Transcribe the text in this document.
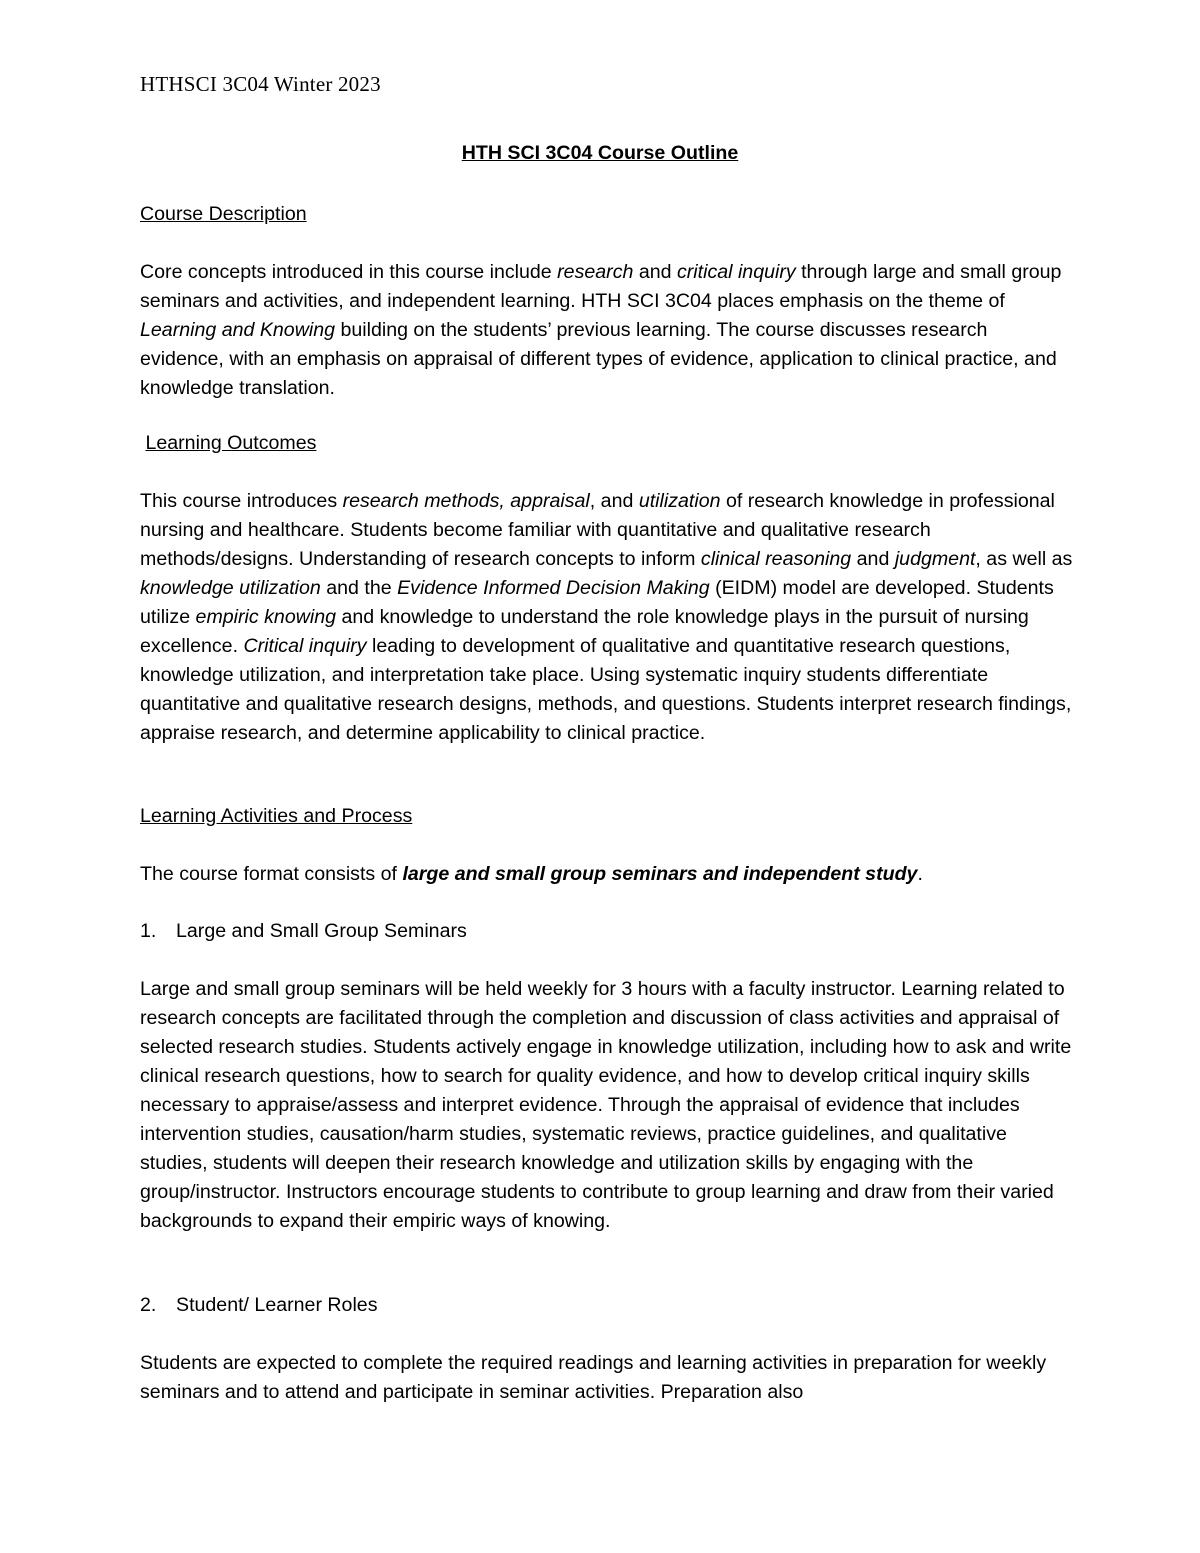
HTHSCI 3C04 Winter 2023
HTH SCI 3C04 Course Outline

Course Description

Core concepts introduced in this course include research and critical inquiry through large and small group seminars and activities, and independent learning. HTH SCI 3C04 places emphasis on the theme of Learning and Knowing building on the students’ previous learning. The course discusses research evidence, with an emphasis on appraisal of different types of evidence, application to clinical practice, and knowledge translation.

Learning Outcomes

This course introduces research methods, appraisal, and utilization of research knowledge in professional nursing and healthcare. Students become familiar with quantitative and qualitative research methods/designs. Understanding of research concepts to inform clinical reasoning and judgment, as well as knowledge utilization and the Evidence Informed Decision Making (EIDM) model are developed. Students utilize empiric knowing and knowledge to understand the role knowledge plays in the pursuit of nursing excellence. Critical inquiry leading to development of qualitative and quantitative research questions, knowledge utilization, and interpretation take place. Using systematic inquiry students differentiate quantitative and qualitative research designs, methods, and questions. Students interpret research findings, appraise research, and determine applicability to clinical practice.

Learning Activities and Process

The course format consists of large and small group seminars and independent study.

1.	Large and Small Group Seminars

Large and small group seminars will be held weekly for 3 hours with a faculty instructor. Learning related to research concepts are facilitated through the completion and discussion of class activities and appraisal of selected research studies. Students actively engage in knowledge utilization, including how to ask and write clinical research questions, how to search for quality evidence, and how to develop critical inquiry skills necessary to appraise/assess and interpret evidence. Through the appraisal of evidence that includes intervention studies, causation/harm studies, systematic reviews, practice guidelines, and qualitative studies, students will deepen their research knowledge and utilization skills by engaging with the group/instructor. Instructors encourage students to contribute to group learning and draw from their varied backgrounds to expand their empiric ways of knowing.

2.	Student/ Learner Roles

Students are expected to complete the required readings and learning activities in preparation for weekly seminars and to attend and participate in seminar activities. Preparation also
